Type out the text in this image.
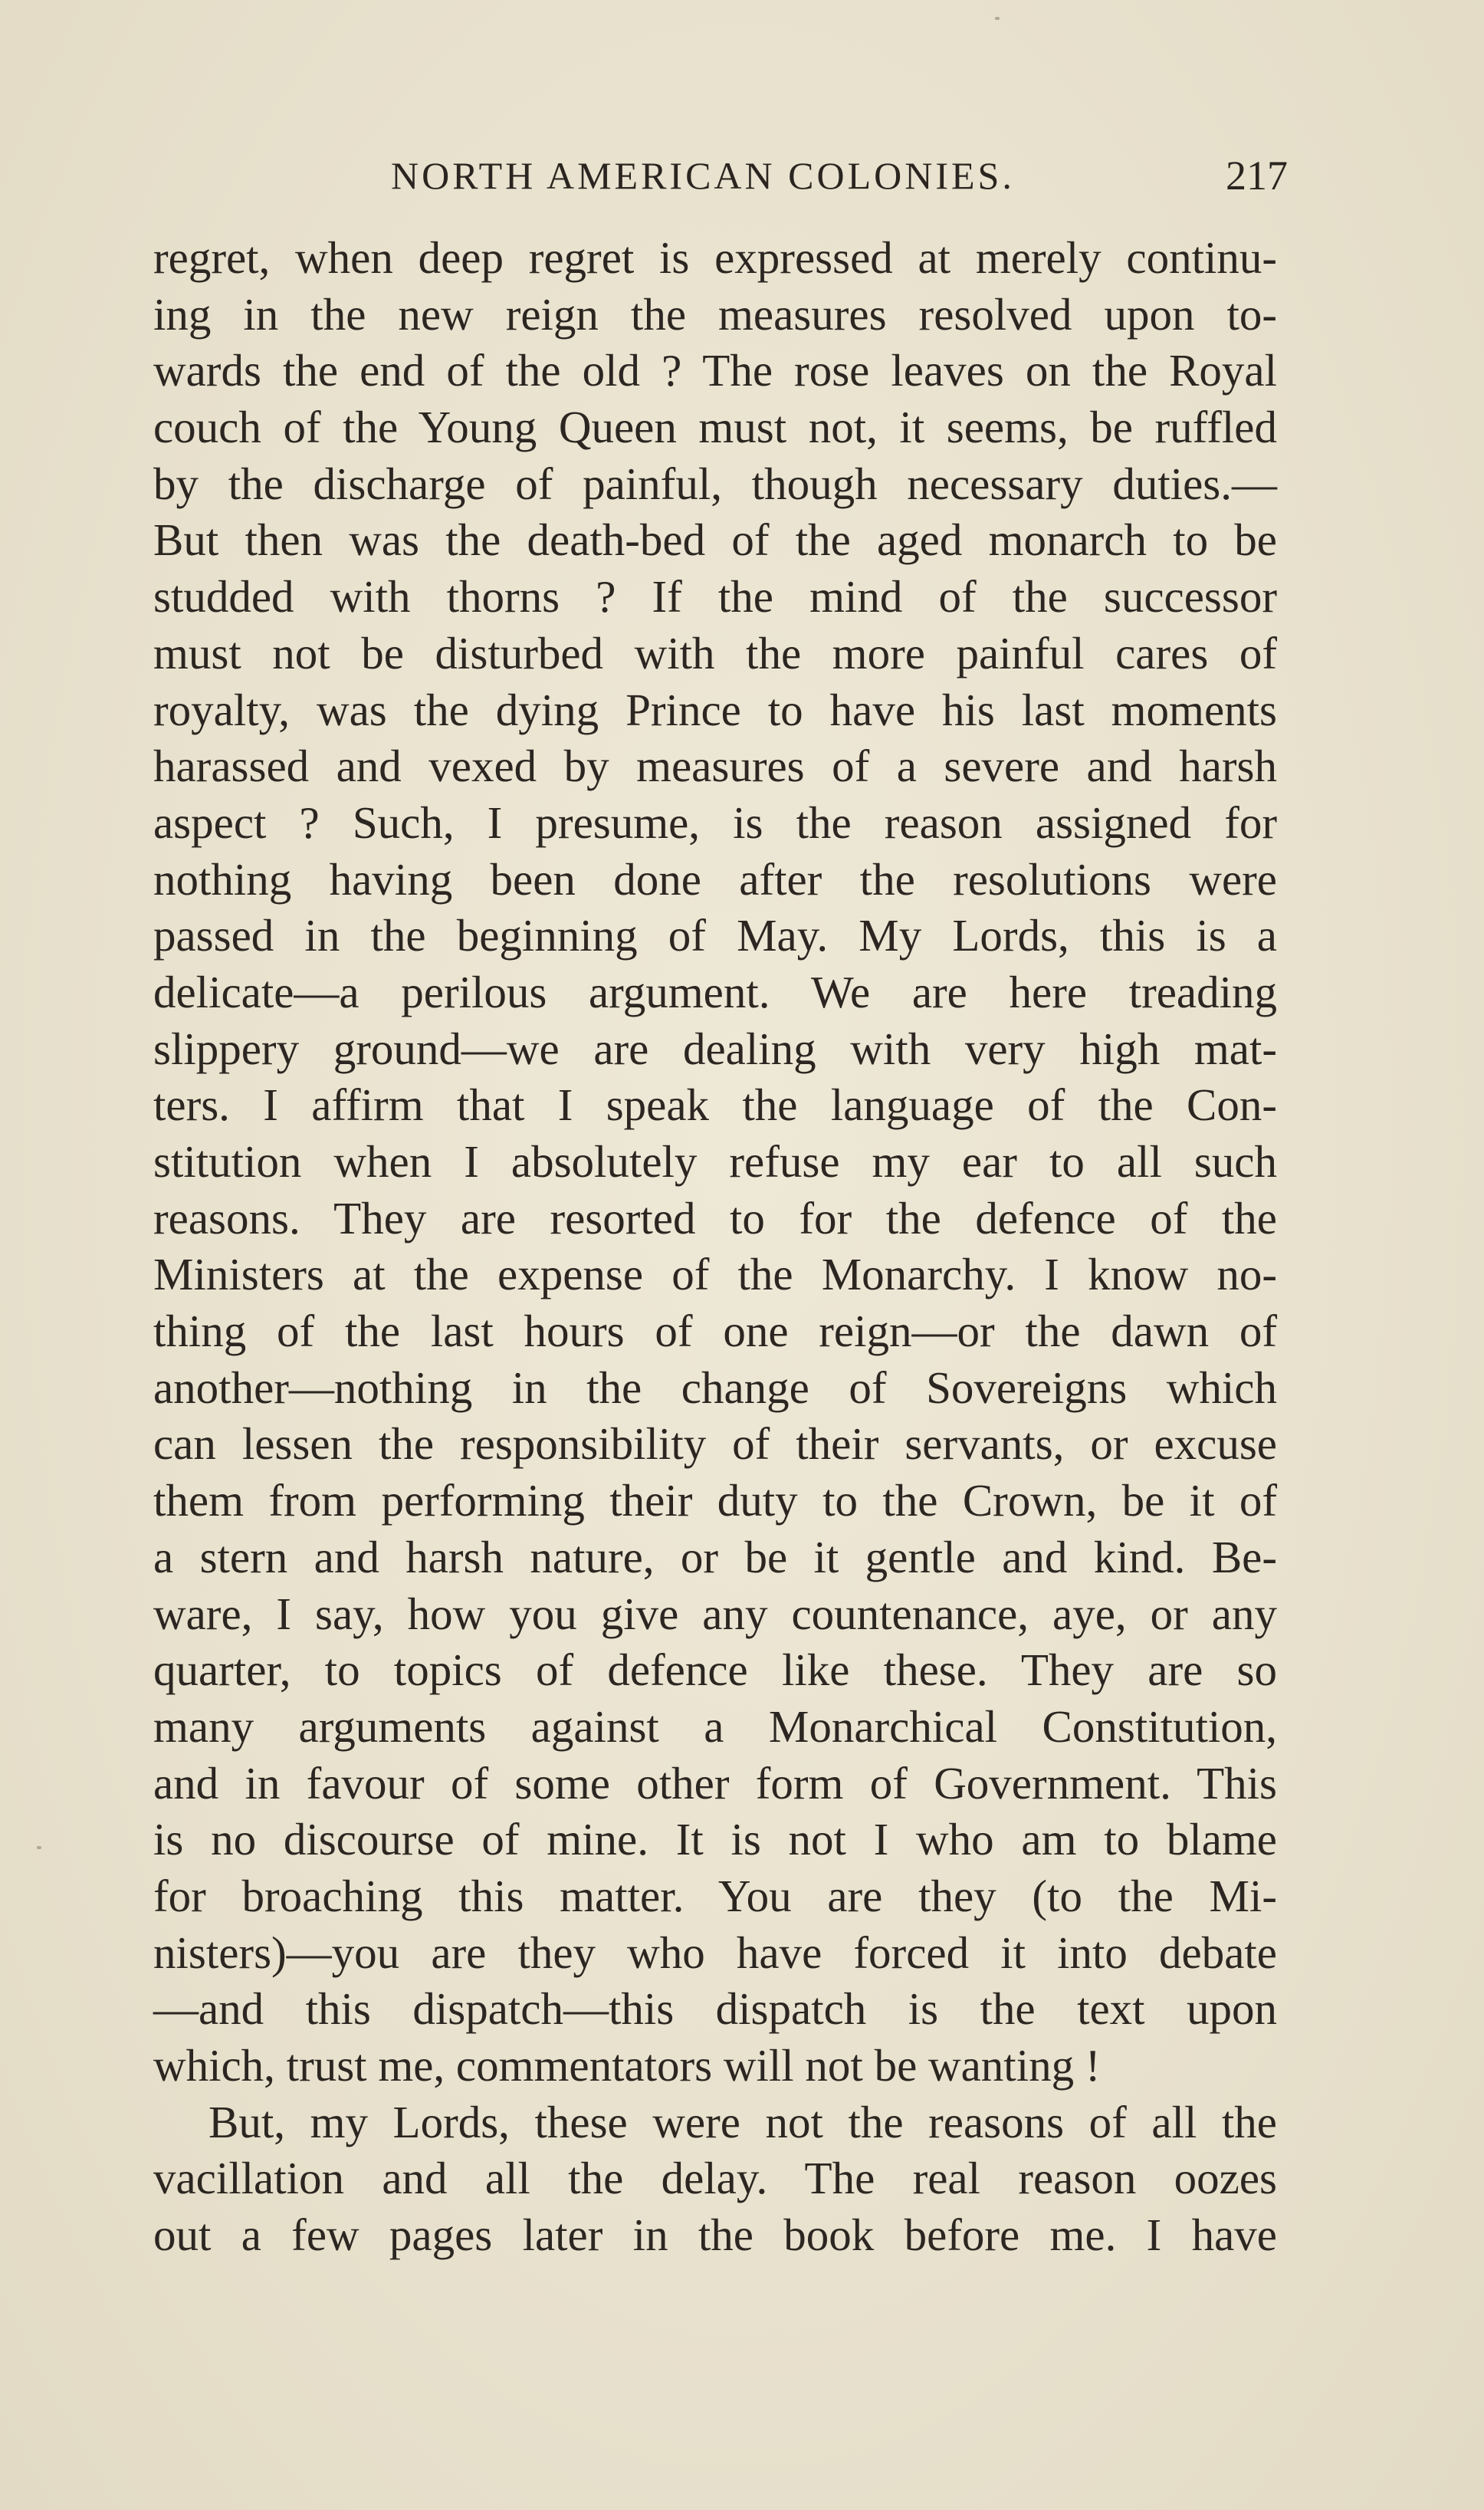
NORTH AMERICAN COLONIES.	217
regret, when deep regret is expressed at merely continu-
ing in the new reign the measures resolved upon to-
wards the end of the old ? The rose leaves on the Royal
couch of the Young Queen must not, it seems, be ruffled
by the discharge of painful, though necessary duties.—
But then was the death-bed of the aged monarch to be
studded with thorns ? If the mind of the successor
must not be disturbed with the more painful cares of
royalty, was the dying Prince to have his last moments
harassed and vexed by measures of a severe and harsh
aspect ? Such, I presume, is the reason assigned for
nothing having been done after the resolutions were
passed in the beginning of May. My Lords, this is a
delicate—a perilous argument. We are here treading
slippery ground—we are dealing with very high mat-
ters. I affirm that I speak the language of the Con-
stitution when I absolutely refuse my ear to all such
reasons. They are resorted to for the defence of the
Ministers at the expense of the Monarchy. I know no-
thing of the last hours of one reign—or the dawn of
another—nothing in the change of Sovereigns which
can lessen the responsibility of their servants, or excuse
them from performing their duty to the Crown, be it of
a stern and harsh nature, or be it gentle and kind. Be-
ware, I say, how you give any countenance, aye, or any
quarter, to topics of defence like these. They are so
many arguments against a Monarchical Constitution,
and in favour of some other form of Government. This
is no discourse of mine. It is not I who am to blame
for broaching this matter. You are they (to the Mi-
nisters)—you are they who have forced it into debate
—and this dispatch—this dispatch is the text upon
which, trust me, commentators will not be wanting !
But, my Lords, these were not the reasons of all the
vacillation and all the delay. The real reason oozes
out a few pages later in the book before me. I have
